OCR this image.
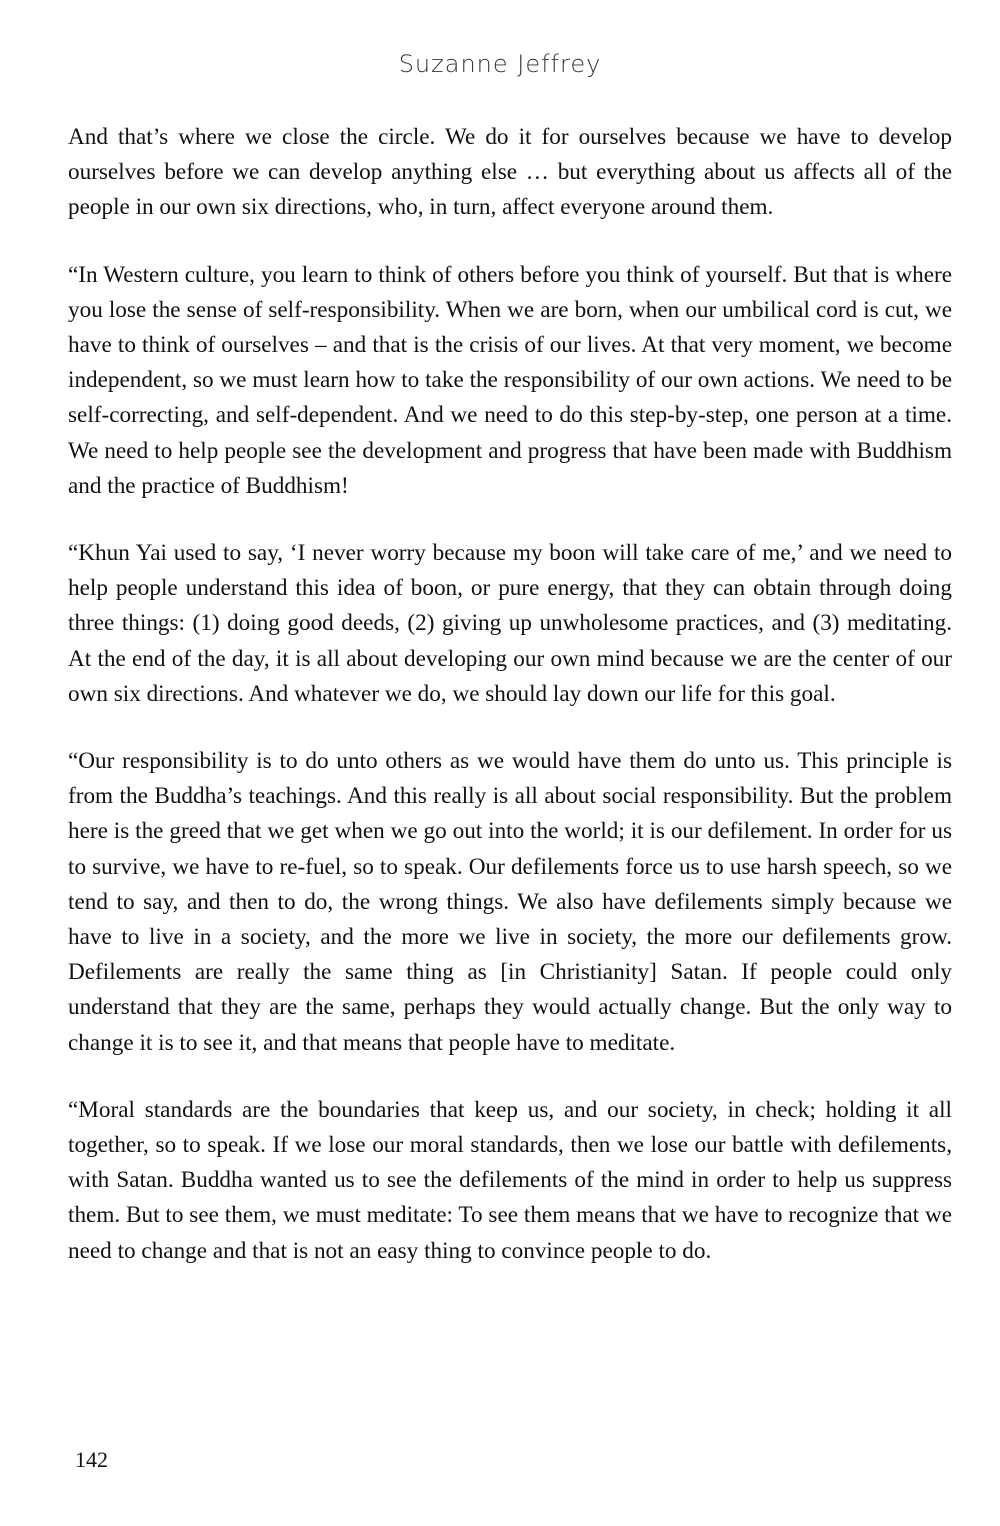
Suzanne Jeffrey

And that’s where we close the circle. We do it for ourselves because we have to develop ourselves before we can develop anything else … but everything about us affects all of the people in our own six directions, who, in turn, affect everyone around them.

“In Western culture, you learn to think of others before you think of yourself. But that is where you lose the sense of self-responsibility. When we are born, when our umbilical cord is cut, we have to think of ourselves – and that is the crisis of our lives. At that very moment, we become independent, so we must learn how to take the responsibility of our own actions. We need to be self-correcting, and self-dependent. And we need to do this step-by-step, one person at a time. We need to help people see the development and progress that have been made with Buddhism and the practice of Buddhism!

“Khun Yai used to say, ‘I never worry because my boon will take care of me,’ and we need to help people understand this idea of boon, or pure energy, that they can obtain through doing three things: (1) doing good deeds, (2) giving up unwholesome practices, and (3) meditating. At the end of the day, it is all about developing our own mind because we are the center of our own six directions. And whatever we do, we should lay down our life for this goal.

“Our responsibility is to do unto others as we would have them do unto us. This principle is from the Buddha’s teachings. And this really is all about social responsibility. But the problem here is the greed that we get when we go out into the world; it is our defilement. In order for us to survive, we have to re-fuel, so to speak. Our defilements force us to use harsh speech, so we tend to say, and then to do, the wrong things. We also have defilements simply because we have to live in a society, and the more we live in society, the more our defilements grow. Defilements are really the same thing as [in Christianity] Satan. If people could only understand that they are the same, perhaps they would actually change. But the only way to change it is to see it, and that means that people have to meditate.

“Moral standards are the boundaries that keep us, and our society, in check; holding it all together, so to speak. If we lose our moral standards, then we lose our battle with defilements, with Satan. Buddha wanted us to see the defilements of the mind in order to help us suppress them. But to see them, we must meditate: To see them means that we have to recognize that we need to change and that is not an easy thing to convince people to do.

142
